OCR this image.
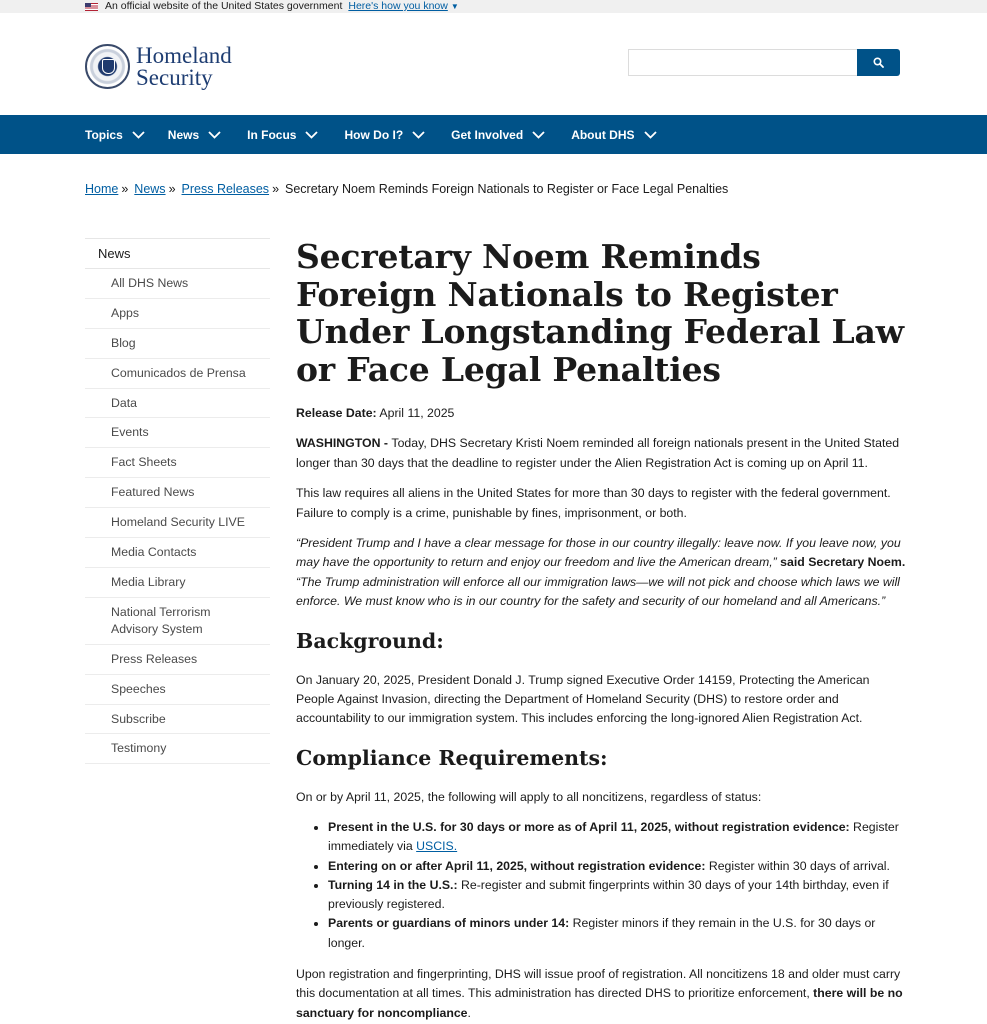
An official website of the United States government Here's how you know ▼
Homeland
Security
Topics	News	In Focus	How Do I?	Get Involved	About DHS
Home » News » Press Releases » Secretary Noem Reminds Foreign Nationals to Register or Face Legal Penalties
News
All DHS News
Apps
Blog
Comunicados de Prensa
Data
Events
Fact Sheets
Featured News
Homeland Security LIVE
Media Contacts
Media Library
National Terrorism Advisory System
Press Releases
Speeches
Subscribe
Testimony
Secretary Noem Reminds Foreign Nationals to Register Under Longstanding Federal Law or Face Legal Penalties

Release Date: April 11, 2025

WASHINGTON - Today, DHS Secretary Kristi Noem reminded all foreign nationals present in the United Stated longer than 30 days that the deadline to register under the Alien Registration Act is coming up on April 11.

This law requires all aliens in the United States for more than 30 days to register with the federal government. Failure to comply is a crime, punishable by fines, imprisonment, or both.

“President Trump and I have a clear message for those in our country illegally: leave now. If you leave now, you may have the opportunity to return and enjoy our freedom and live the American dream,” said Secretary Noem. “The Trump administration will enforce all our immigration laws—we will not pick and choose which laws we will enforce. We must know who is in our country for the safety and security of our homeland and all Americans.”

Background:

On January 20, 2025, President Donald J. Trump signed Executive Order 14159, Protecting the American People Against Invasion, directing the Department of Homeland Security (DHS) to restore order and accountability to our immigration system. This includes enforcing the long-ignored Alien Registration Act.

Compliance Requirements:

On or by April 11, 2025, the following will apply to all noncitizens, regardless of status:

• Present in the U.S. for 30 days or more as of April 11, 2025, without registration evidence: Register immediately via USCIS.
• Entering on or after April 11, 2025, without registration evidence: Register within 30 days of arrival.
• Turning 14 in the U.S.: Re-register and submit fingerprints within 30 days of your 14th birthday, even if previously registered.
• Parents or guardians of minors under 14: Register minors if they remain in the U.S. for 30 days or longer.

Upon registration and fingerprinting, DHS will issue proof of registration. All noncitizens 18 and older must carry this documentation at all times. This administration has directed DHS to prioritize enforcement, there will be no sanctuary for noncompliance.
